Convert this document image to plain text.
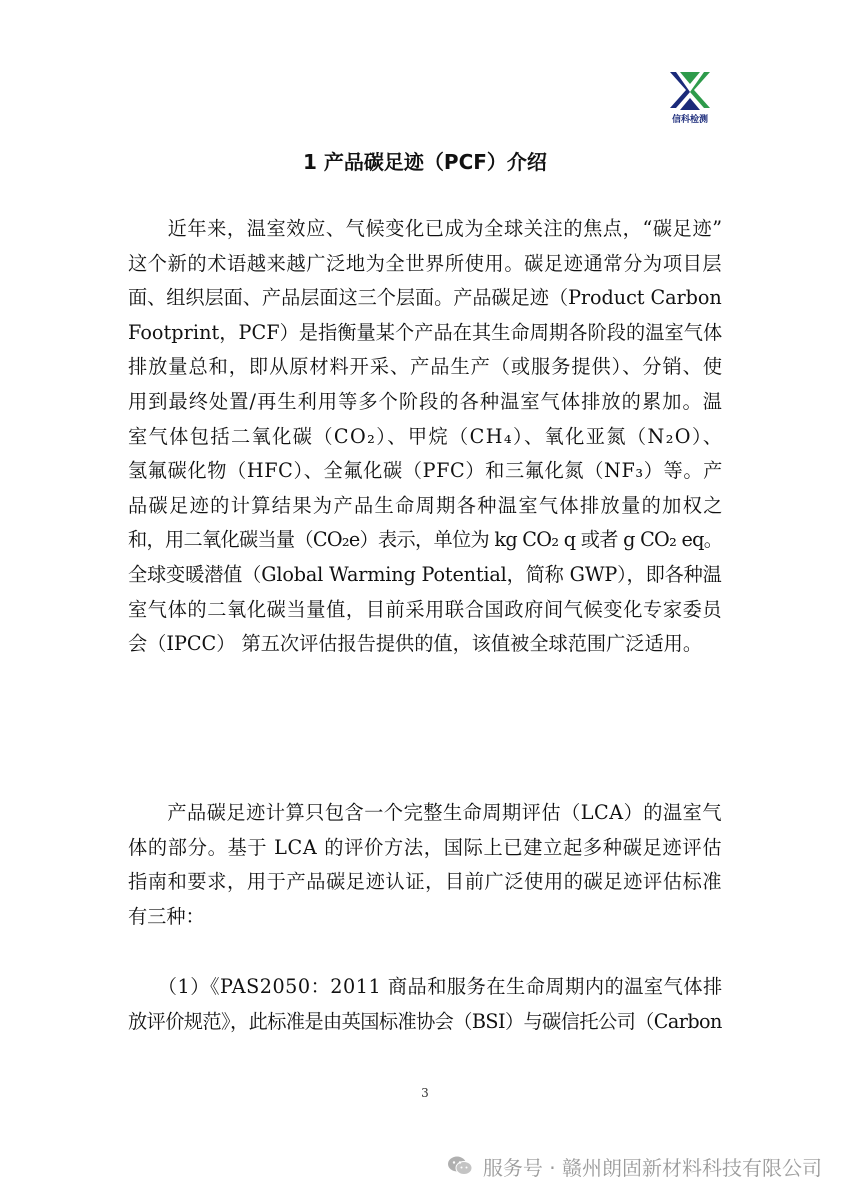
信科检测
1 产品碳足迹（PCF）介绍
　　近年来，温室效应、气候变化已成为全球关注的焦点，“碳足迹”
这个新的术语越来越广泛地为全世界所使用。碳足迹通常分为项目层
面、组织层面、产品层面这三个层面。产品碳足迹（Product Carbon
Footprint，PCF）是指衡量某个产品在其生命周期各阶段的温室气体
排放量总和，即从原材料开采、产品生产（或服务提供）、分销、使
用到最终处置/再生利用等多个阶段的各种温室气体排放的累加。温
室气体包括二氧化碳（CO₂）、甲烷（CH₄）、氧化亚氮（N₂O）、
氢氟碳化物（HFC）、全氟化碳（PFC）和三氟化氮（NF₃）等。产
品碳足迹的计算结果为产品生命周期各种温室气体排放量的加权之
和，用二氧化碳当量（CO₂e）表示，单位为 kg CO₂ q 或者 g CO₂ eq。
全球变暖潜值（Global Warming Potential，简称 GWP），即各种温
室气体的二氧化碳当量值，目前采用联合国政府间气候变化专家委员
会（IPCC） 第五次评估报告提供的值，该值被全球范围广泛适用。
　　产品碳足迹计算只包含一个完整生命周期评估（LCA）的温室气
体的部分。基于 LCA 的评价方法，国际上已建立起多种碳足迹评估
指南和要求，用于产品碳足迹认证，目前广泛使用的碳足迹评估标准
有三种：
　　（1）《PAS2050：2011 商品和服务在生命周期内的温室气体排
放评价规范》，此标准是由英国标准协会（BSI）与碳信托公司（Carbon
3
服务号 · 赣州朗固新材料科技有限公司
